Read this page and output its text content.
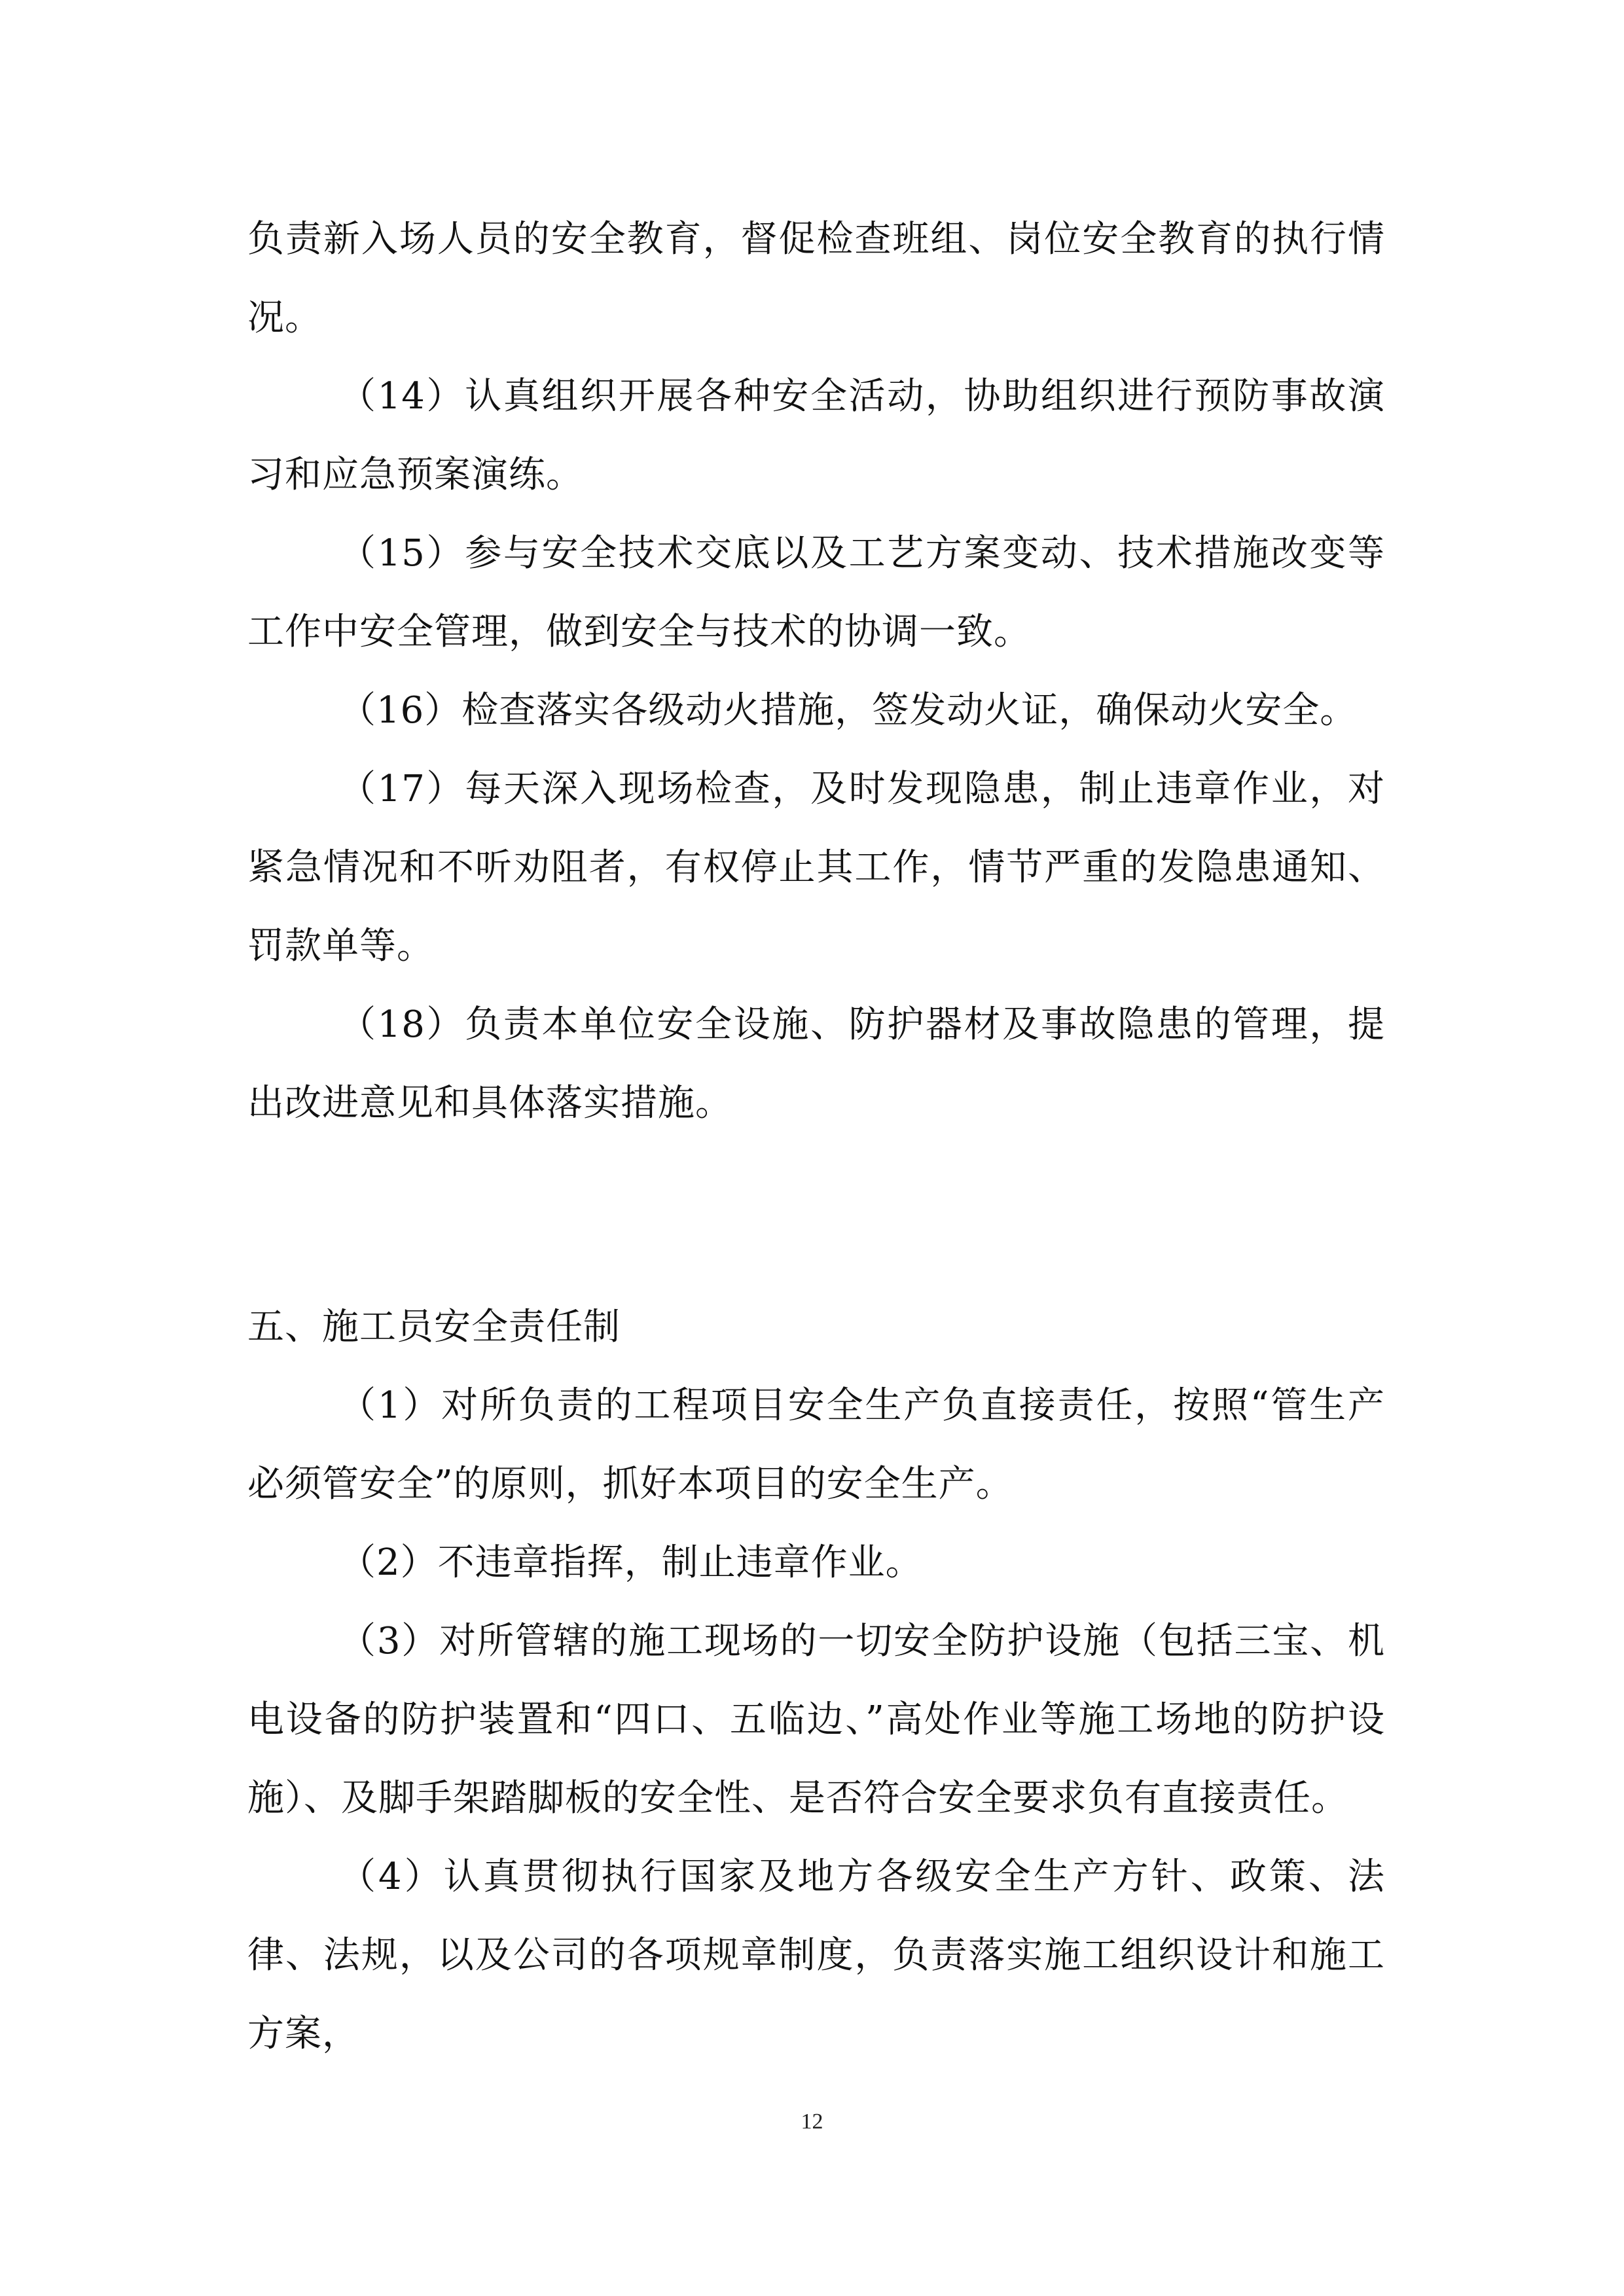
负责新入场人员的安全教育，督促检查班组、岗位安全教育的执行情况。
（14）认真组织开展各种安全活动，协助组织进行预防事故演习和应急预案演练。
（15）参与安全技术交底以及工艺方案变动、技术措施改变等工作中安全管理，做到安全与技术的协调一致。
（16）检查落实各级动火措施，签发动火证，确保动火安全。
（17）每天深入现场检查，及时发现隐患，制止违章作业，对紧急情况和不听劝阻者，有权停止其工作，情节严重的发隐患通知、罚款单等。
（18）负责本单位安全设施、防护器材及事故隐患的管理，提出改进意见和具体落实措施。
五、施工员安全责任制
（1）对所负责的工程项目安全生产负直接责任，按照“管生产必须管安全”的原则，抓好本项目的安全生产。
（2）不违章指挥，制止违章作业。
（3）对所管辖的施工现场的一切安全防护设施（包括三宝、机电设备的防护装置和“四口、五临边、”高处作业等施工场地的防护设施）、及脚手架踏脚板的安全性、是否符合安全要求负有直接责任。
（4）认真贯彻执行国家及地方各级安全生产方针、政策、法律、法规，以及公司的各项规章制度，负责落实施工组织设计和施工方案，
12
